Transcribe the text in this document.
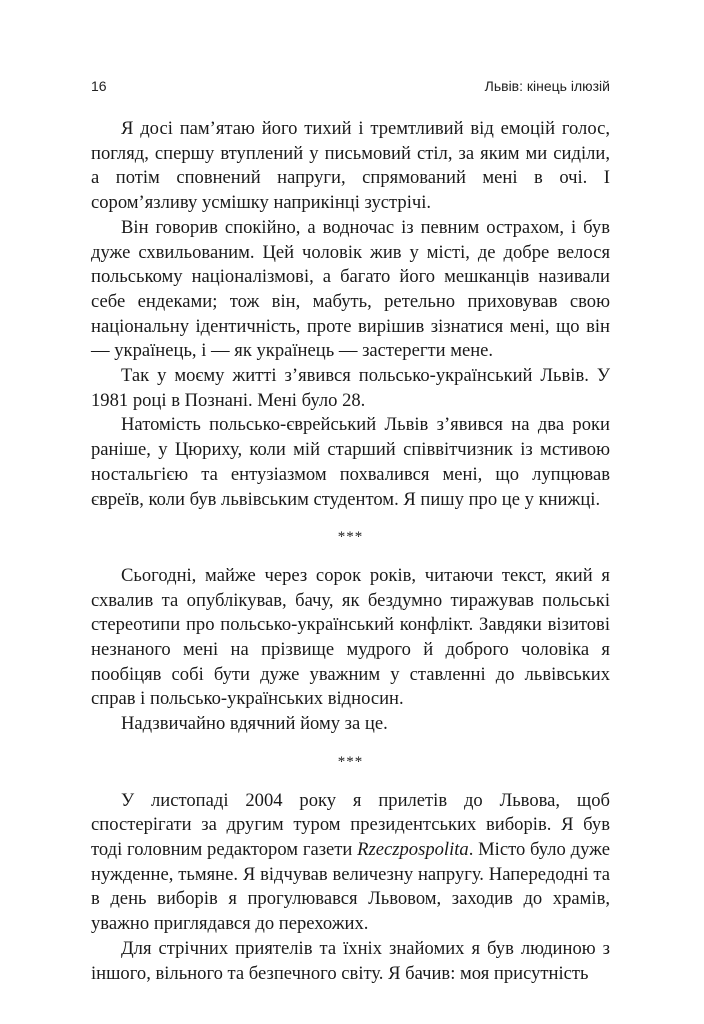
16	Львів: кінець ілюзій

Я досі пам’ятаю його тихий і тремтливий від емоцій голос, погляд, спершу втуплений у письмовий стіл, за яким ми сиділи, а потім сповнений напруги, спрямований мені в очі. І сором’язливу усмішку наприкінці зустрічі.

Він говорив спокійно, а водночас із певним острахом, і був дуже схвильованим. Цей чоловік жив у місті, де добре велося польському націоналізмові, а багато його мешканців називали себе ендеками; тож він, мабуть, ретельно приховував свою національну ідентичність, проте вирішив зізнатися мені, що він — українець, і — як українець — застерегти мене.

Так у моєму житті з’явився польсько-український Львів. У 1981 році в Познані. Мені було 28.

Натомість польсько-єврейський Львів з’явився на два роки раніше, у Цюриху, коли мій старший співвітчизник із мстивою ностальгією та ентузіазмом похвалився мені, що лупцював євреїв, коли був львівським студентом. Я пишу про це у книжці.

***

Сьогодні, майже через сорок років, читаючи текст, який я схвалив та опублікував, бачу, як бездумно тиражував польські стереотипи про польсько-український конфлікт. Завдяки візитові незнаного мені на прізвище мудрого й доброго чоловіка я пообіцяв собі бути дуже уважним у ставленні до львівських справ і польсько-українських відносин.

Надзвичайно вдячний йому за це.

***

У листопаді 2004 року я прилетів до Львова, щоб спостерігати за другим туром президентських виборів. Я був тоді головним редактором газети Rzeczpospolita. Місто було дуже нужденне, тьмяне. Я відчував величезну напругу. Напередодні та в день виборів я прогулювався Львовом, заходив до храмів, уважно приглядався до перехожих.

Для стрічних приятелів та їхніх знайомих я був людиною з іншого, вільного та безпечного світу. Я бачив: моя присутність
